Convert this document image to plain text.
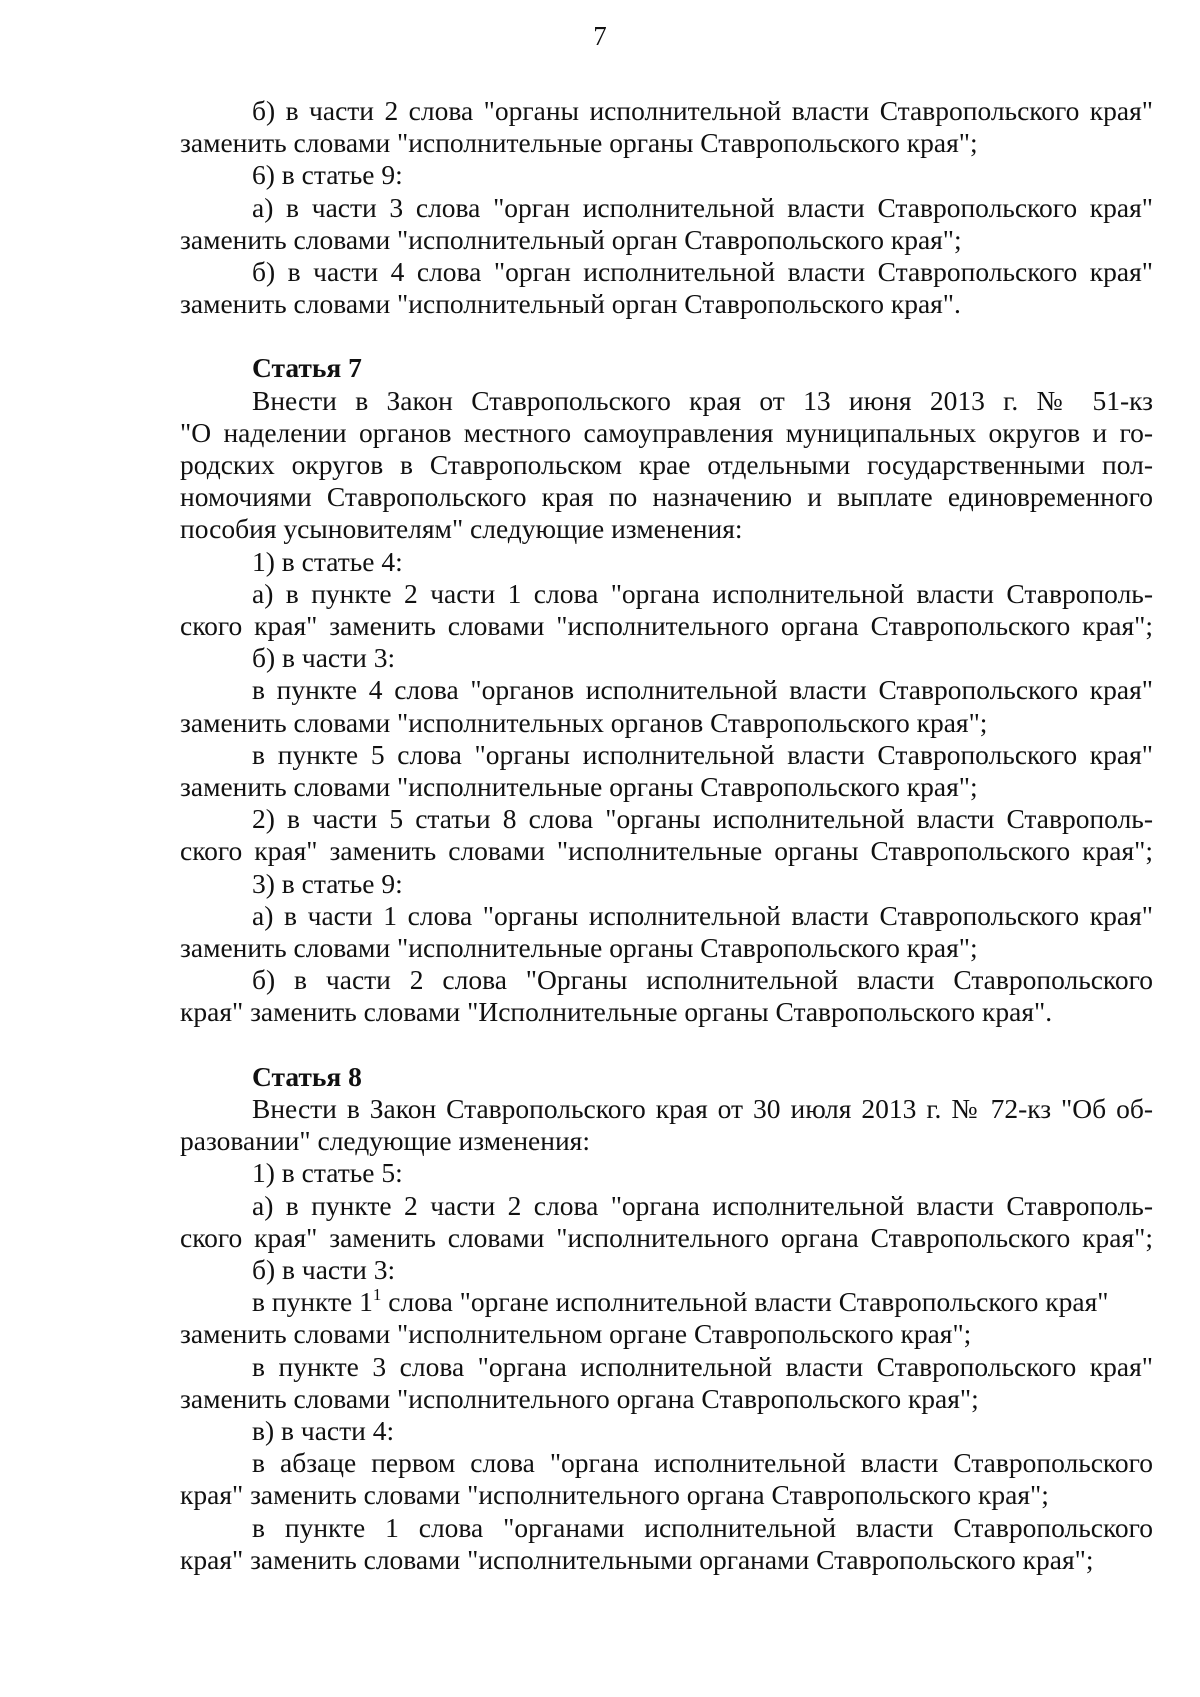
7
б) в части 2 слова "органы исполнительной власти Ставропольского края"
заменить словами "исполнительные органы Ставропольского края";
6) в статье 9:
а) в части 3 слова "орган исполнительной власти Ставропольского края"
заменить словами "исполнительный орган Ставропольского края";
б) в части 4 слова "орган исполнительной власти Ставропольского края"
заменить словами "исполнительный орган Ставропольского края".
Статья 7
Внести в Закон Ставропольского края от 13 июня 2013 г. № 51-кз
"О наделении органов местного самоуправления муниципальных округов и го-
родских округов в Ставропольском крае отдельными государственными пол-
номочиями Ставропольского края по назначению и выплате единовременного
пособия усыновителям" следующие изменения:
1) в статье 4:
а) в пункте 2 части 1 слова "органа исполнительной власти Ставрополь-
ского края" заменить словами "исполнительного органа Ставропольского края";
б) в части 3:
в пункте 4 слова "органов исполнительной власти Ставропольского края"
заменить словами "исполнительных органов Ставропольского края";
в пункте 5 слова "органы исполнительной власти Ставропольского края"
заменить словами "исполнительные органы Ставропольского края";
2) в части 5 статьи 8 слова "органы исполнительной власти Ставрополь-
ского края" заменить словами "исполнительные органы Ставропольского края";
3) в статье 9:
а) в части 1 слова "органы исполнительной власти Ставропольского края"
заменить словами "исполнительные органы Ставропольского края";
б) в части 2 слова "Органы исполнительной власти Ставропольского
края" заменить словами "Исполнительные органы Ставропольского края".
Статья 8
Внести в Закон Ставропольского края от 30 июля 2013 г. № 72-кз "Об об-
разовании" следующие изменения:
1) в статье 5:
а) в пункте 2 части 2 слова "органа исполнительной власти Ставрополь-
ского края" заменить словами "исполнительного органа Ставропольского края";
б) в части 3:
в пункте $1^1$ слова "органе исполнительной власти Ставропольского края"
заменить словами "исполнительном органе Ставропольского края";
в пункте 3 слова "органа исполнительной власти Ставропольского края"
заменить словами "исполнительного органа Ставропольского края";
в) в части 4:
в абзаце первом слова "органа исполнительной власти Ставропольского
края" заменить словами "исполнительного органа Ставропольского края";
в пункте 1 слова "органами исполнительной власти Ставропольского
края" заменить словами "исполнительными органами Ставропольского края";
